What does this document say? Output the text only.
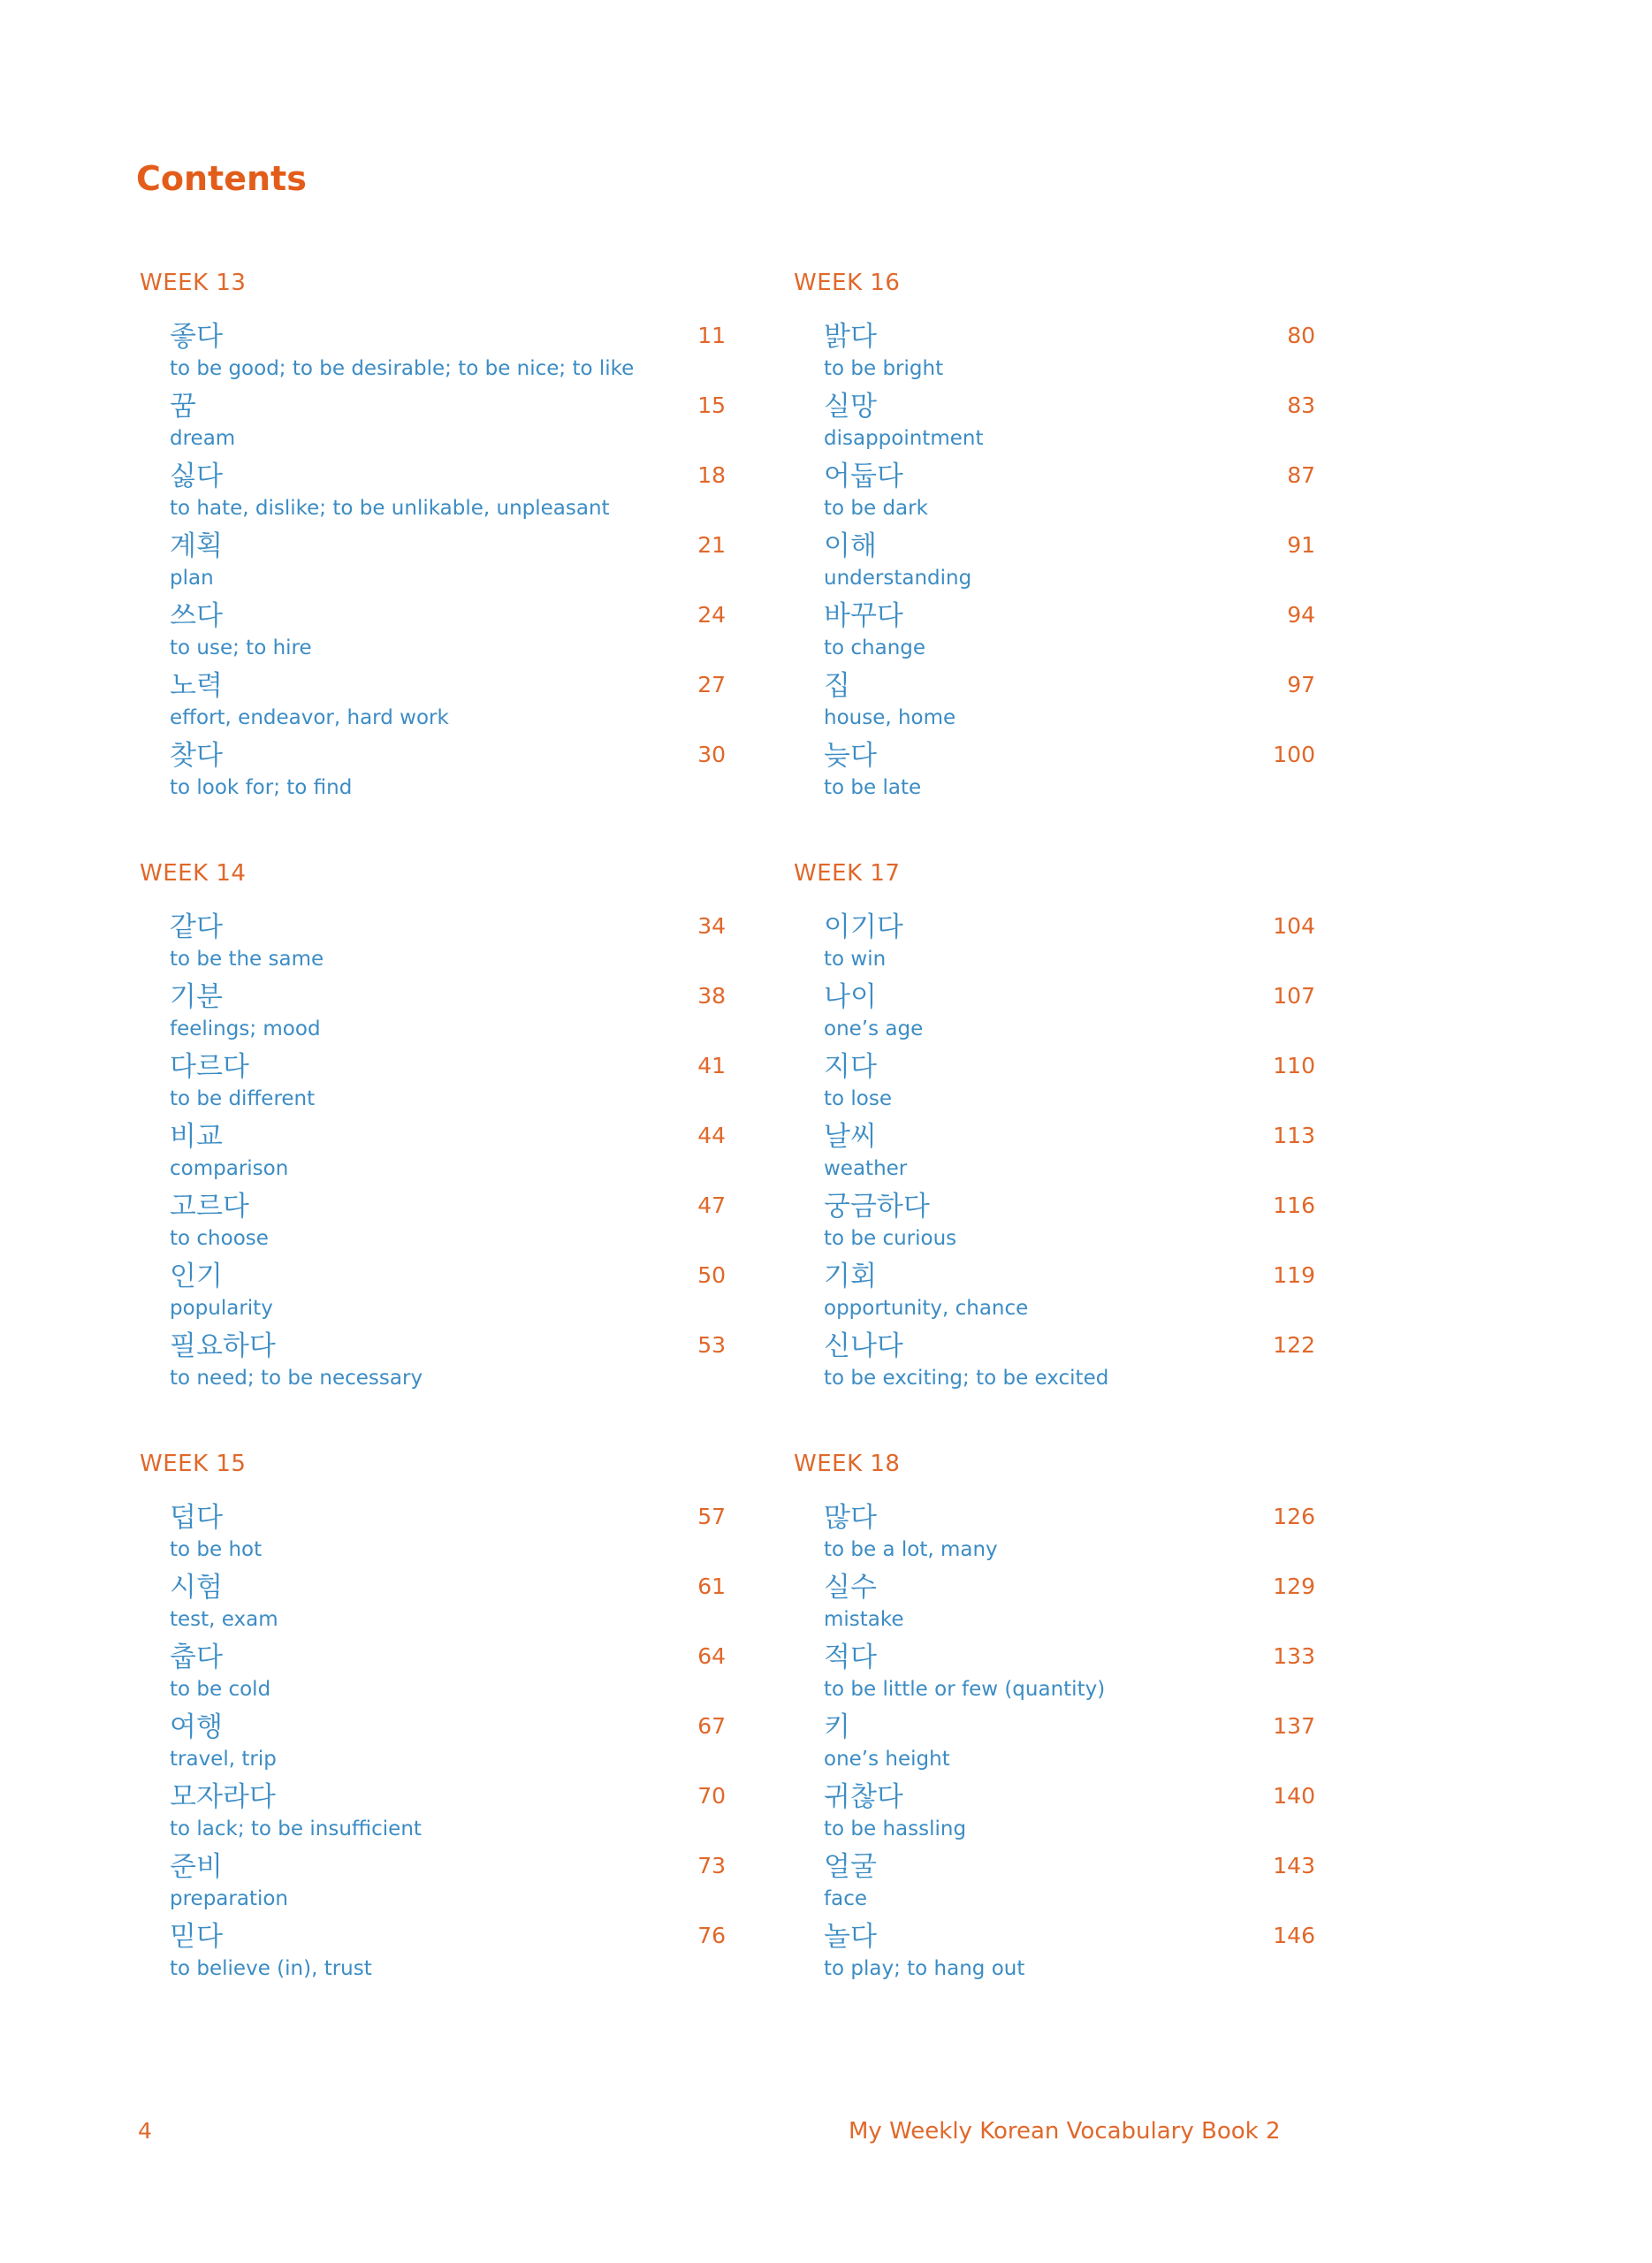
Contents
WEEK 13
좋다
to be good; to be desirable; to be nice; to like
11
꿈
dream
15
싫다
to hate, dislike; to be unlikable, unpleasant
18
계획
plan
21
쓰다
to use; to hire
24
노력
effort, endeavor, hard work
27
찾다
to look for; to find
30
WEEK 16
밝다
to be bright
80
실망
disappointment
83
어둡다
to be dark
87
이해
understanding
91
바꾸다
to change
94
집
house, home
97
늦다
to be late
100
WEEK 14
같다
to be the same
34
기분
feelings; mood
38
다르다
to be different
41
비교
comparison
44
고르다
to choose
47
인기
popularity
50
필요하다
to need; to be necessary
53
WEEK 17
이기다
to win
104
나이
one’s age
107
지다
to lose
110
날씨
weather
113
궁금하다
to be curious
116
기회
opportunity, chance
119
신나다
to be exciting; to be excited
122
WEEK 15
덥다
to be hot
57
시험
test, exam
61
춥다
to be cold
64
여행
travel, trip
67
모자라다
to lack; to be insufficient
70
준비
preparation
73
믿다
to believe (in), trust
76
WEEK 18
많다
to be a lot, many
126
실수
mistake
129
적다
to be little or few (quantity)
133
키
one’s height
137
귀찮다
to be hassling
140
얼굴
face
143
놀다
to play; to hang out
146
4	My Weekly Korean Vocabulary Book 2
